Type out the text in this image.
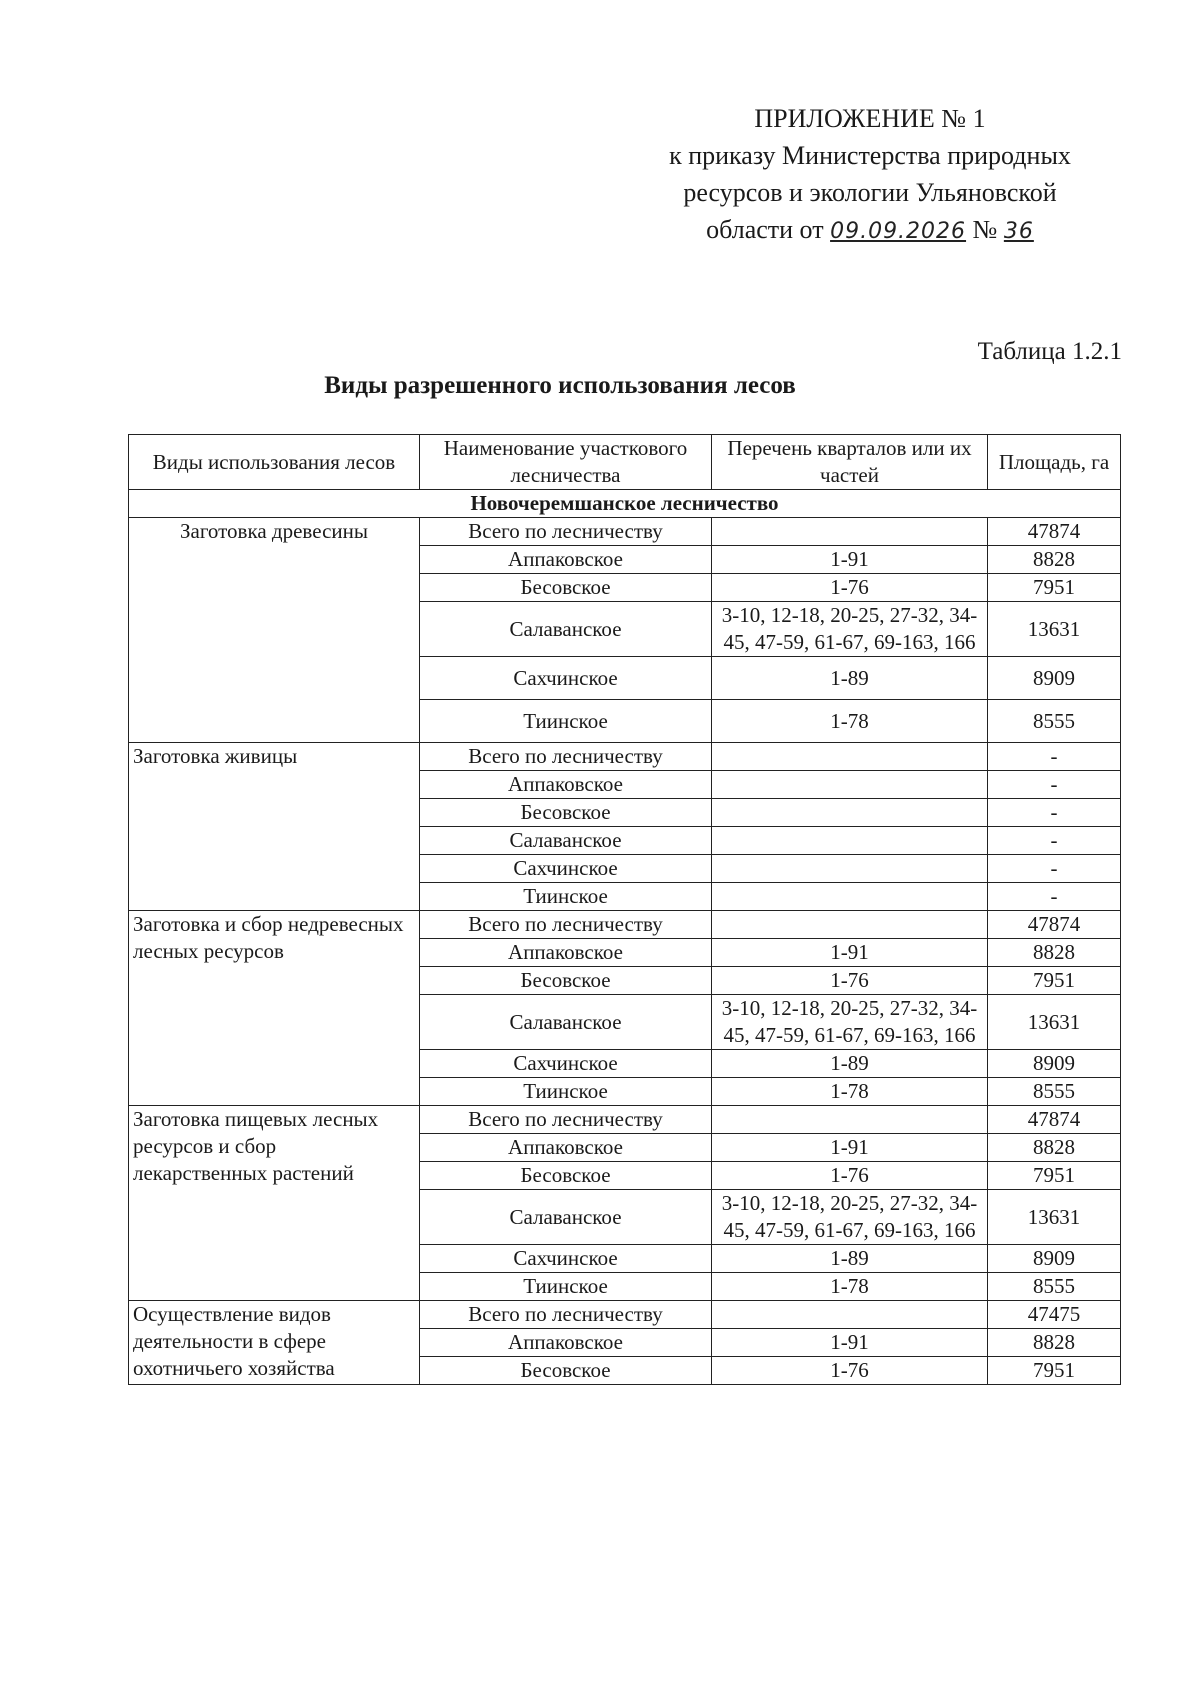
ПРИЛОЖЕНИЕ № 1
к приказу Министерства природных
ресурсов и экологии Ульяновской
области от 09.09.2026 № 36
Таблица 1.2.1
Виды разрешенного использования лесов
Виды использования лесов	Наименование участкового лесничества	Перечень кварталов или их частей	Площадь, га
Новочеремшанское лесничество			
Заготовка древесины	Всего по лесничеству		47874
	Аппаковское	1-91	8828
	Бесовское	1-76	7951
	Салаванское	3-10, 12-18, 20-25, 27-32, 34-45, 47-59, 61-67, 69-163, 166	13631
	Сахчинское	1-89	8909
	Тиинское	1-78	8555
Заготовка живицы	Всего по лесничеству		-
	Аппаковское		-
	Бесовское		-
	Салаванское		-
	Сахчинское		-
	Тиинское		-
Заготовка и сбор недревесных лесных ресурсов	Всего по лесничеству		47874
	Аппаковское	1-91	8828
	Бесовское	1-76	7951
	Салаванское	3-10, 12-18, 20-25, 27-32, 34-45, 47-59, 61-67, 69-163, 166	13631
	Сахчинское	1-89	8909
	Тиинское	1-78	8555
Заготовка пищевых лесных ресурсов и сбор лекарственных растений	Всего по лесничеству		47874
	Аппаковское	1-91	8828
	Бесовское	1-76	7951
	Салаванское	3-10, 12-18, 20-25, 27-32, 34-45, 47-59, 61-67, 69-163, 166	13631
	Сахчинское	1-89	8909
	Тиинское	1-78	8555
Осуществление видов деятельности в сфере охотничьего хозяйства	Всего по лесничеству		47475
	Аппаковское	1-91	8828
	Бесовское	1-76	7951
